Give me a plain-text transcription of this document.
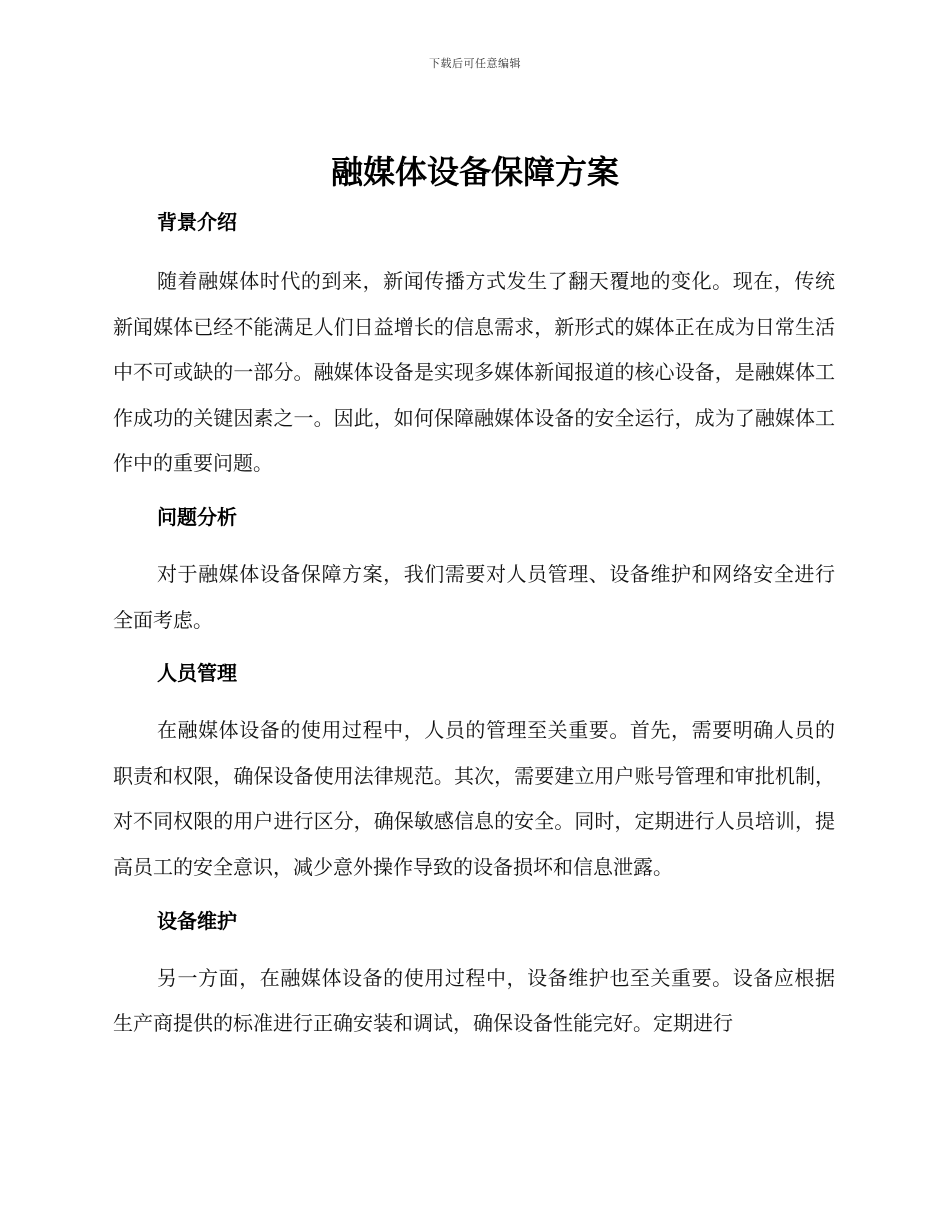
下载后可任意编辑
融媒体设备保障方案
背景介绍

随着融媒体时代的到来，新闻传播方式发生了翻天覆地的变化。现在，传统新闻媒体已经不能满足人们日益增长的信息需求，新形式的媒体正在成为日常生活中不可或缺的一部分。融媒体设备是实现多媒体新闻报道的核心设备，是融媒体工作成功的关键因素之一。因此，如何保障融媒体设备的安全运行，成为了融媒体工作中的重要问题。

问题分析

对于融媒体设备保障方案，我们需要对人员管理、设备维护和网络安全进行全面考虑。

人员管理

在融媒体设备的使用过程中，人员的管理至关重要。首先，需要明确人员的职责和权限，确保设备使用法律规范。其次，需要建立用户账号管理和审批机制，对不同权限的用户进行区分，确保敏感信息的安全。同时，定期进行人员培训，提高员工的安全意识，减少意外操作导致的设备损坏和信息泄露。

设备维护

另一方面，在融媒体设备的使用过程中，设备维护也至关重要。设备应根据生产商提供的标准进行正确安装和调试，确保设备性能完好。定期进行
